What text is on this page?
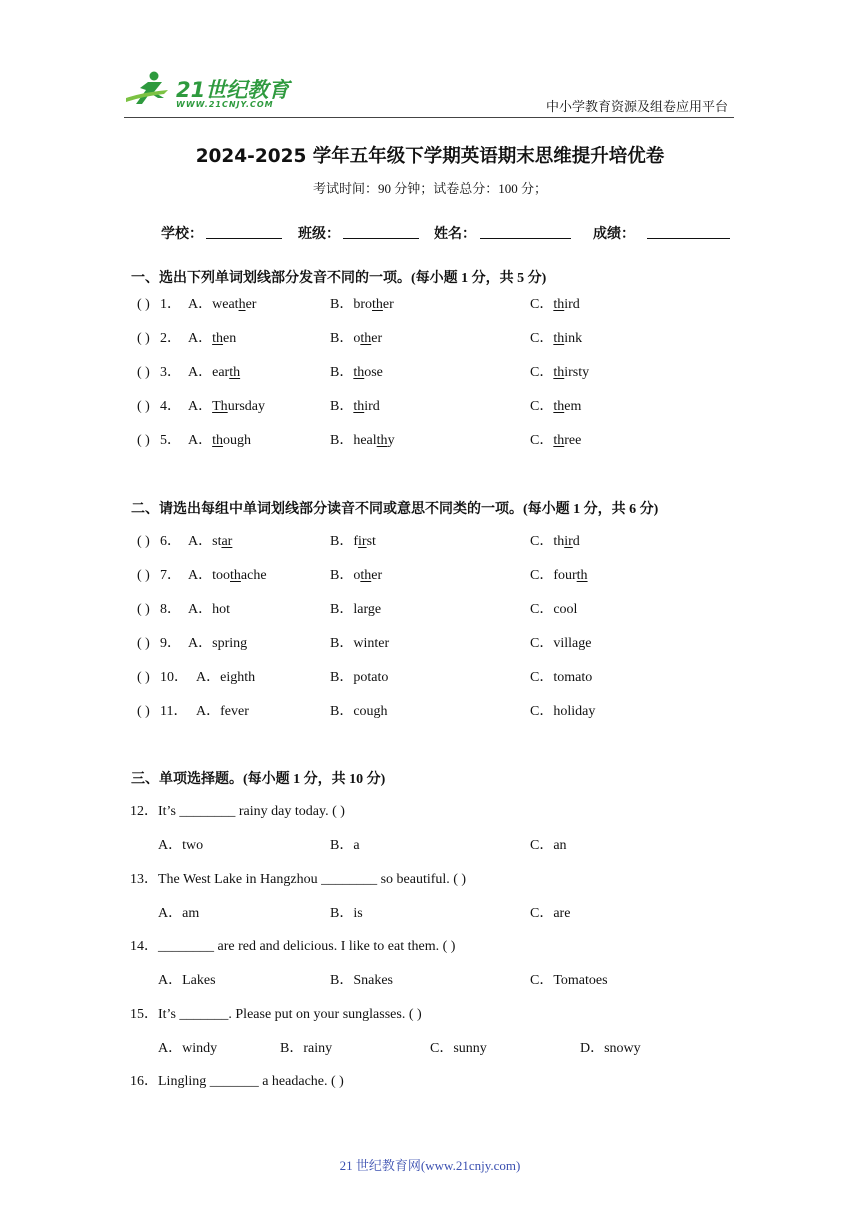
21世纪教育
WWW.21CNJY.COM	中小学教育资源及组卷应用平台
2024-2025 学年五年级下学期英语期末思维提升培优卷
考试时间：90 分钟；试卷总分：100 分；
学校：	班级：	姓名：	成绩：
一、选出下列单词划线部分发音不同的一项。(每小题 1 分，共 5 分)
( ) 1． A．weather	B．brother	C．third
( ) 2． A．then	B．other	C．think
( ) 3． A．earth	B．those	C．thirsty
( ) 4． A．Thursday	B．third	C．them
( ) 5． A．though	B．healthy	C．three
二、请选出每组中单词划线部分读音不同或意思不同类的一项。(每小题 1 分，共 6 分)
( ) 6． A．star	B．first	C．third
( ) 7． A．toothache	B．other	C．fourth
( ) 8． A．hot	B．large	C．cool
( ) 9． A．spring	B．winter	C．village
( ) 10． A．eighth	B．potato	C．tomato
( ) 11． A．fever	B．cough	C．holiday
三、单项选择题。(每小题 1 分，共 10 分)
12．It’s ________ rainy day today. ( )
A．two	B．a	C．an
13．The West Lake in Hangzhou ________ so beautiful. ( )
A．am	B．is	C．are
14．________ are red and delicious. I like to eat them. ( )
A．Lakes	B．Snakes	C．Tomatoes
15．It’s _______. Please put on your sunglasses. ( )
A．windy	B．rainy	C．sunny	D．snowy
16．Lingling _______ a headache. ( )
21 世纪教育网(www.21cnjy.com)
